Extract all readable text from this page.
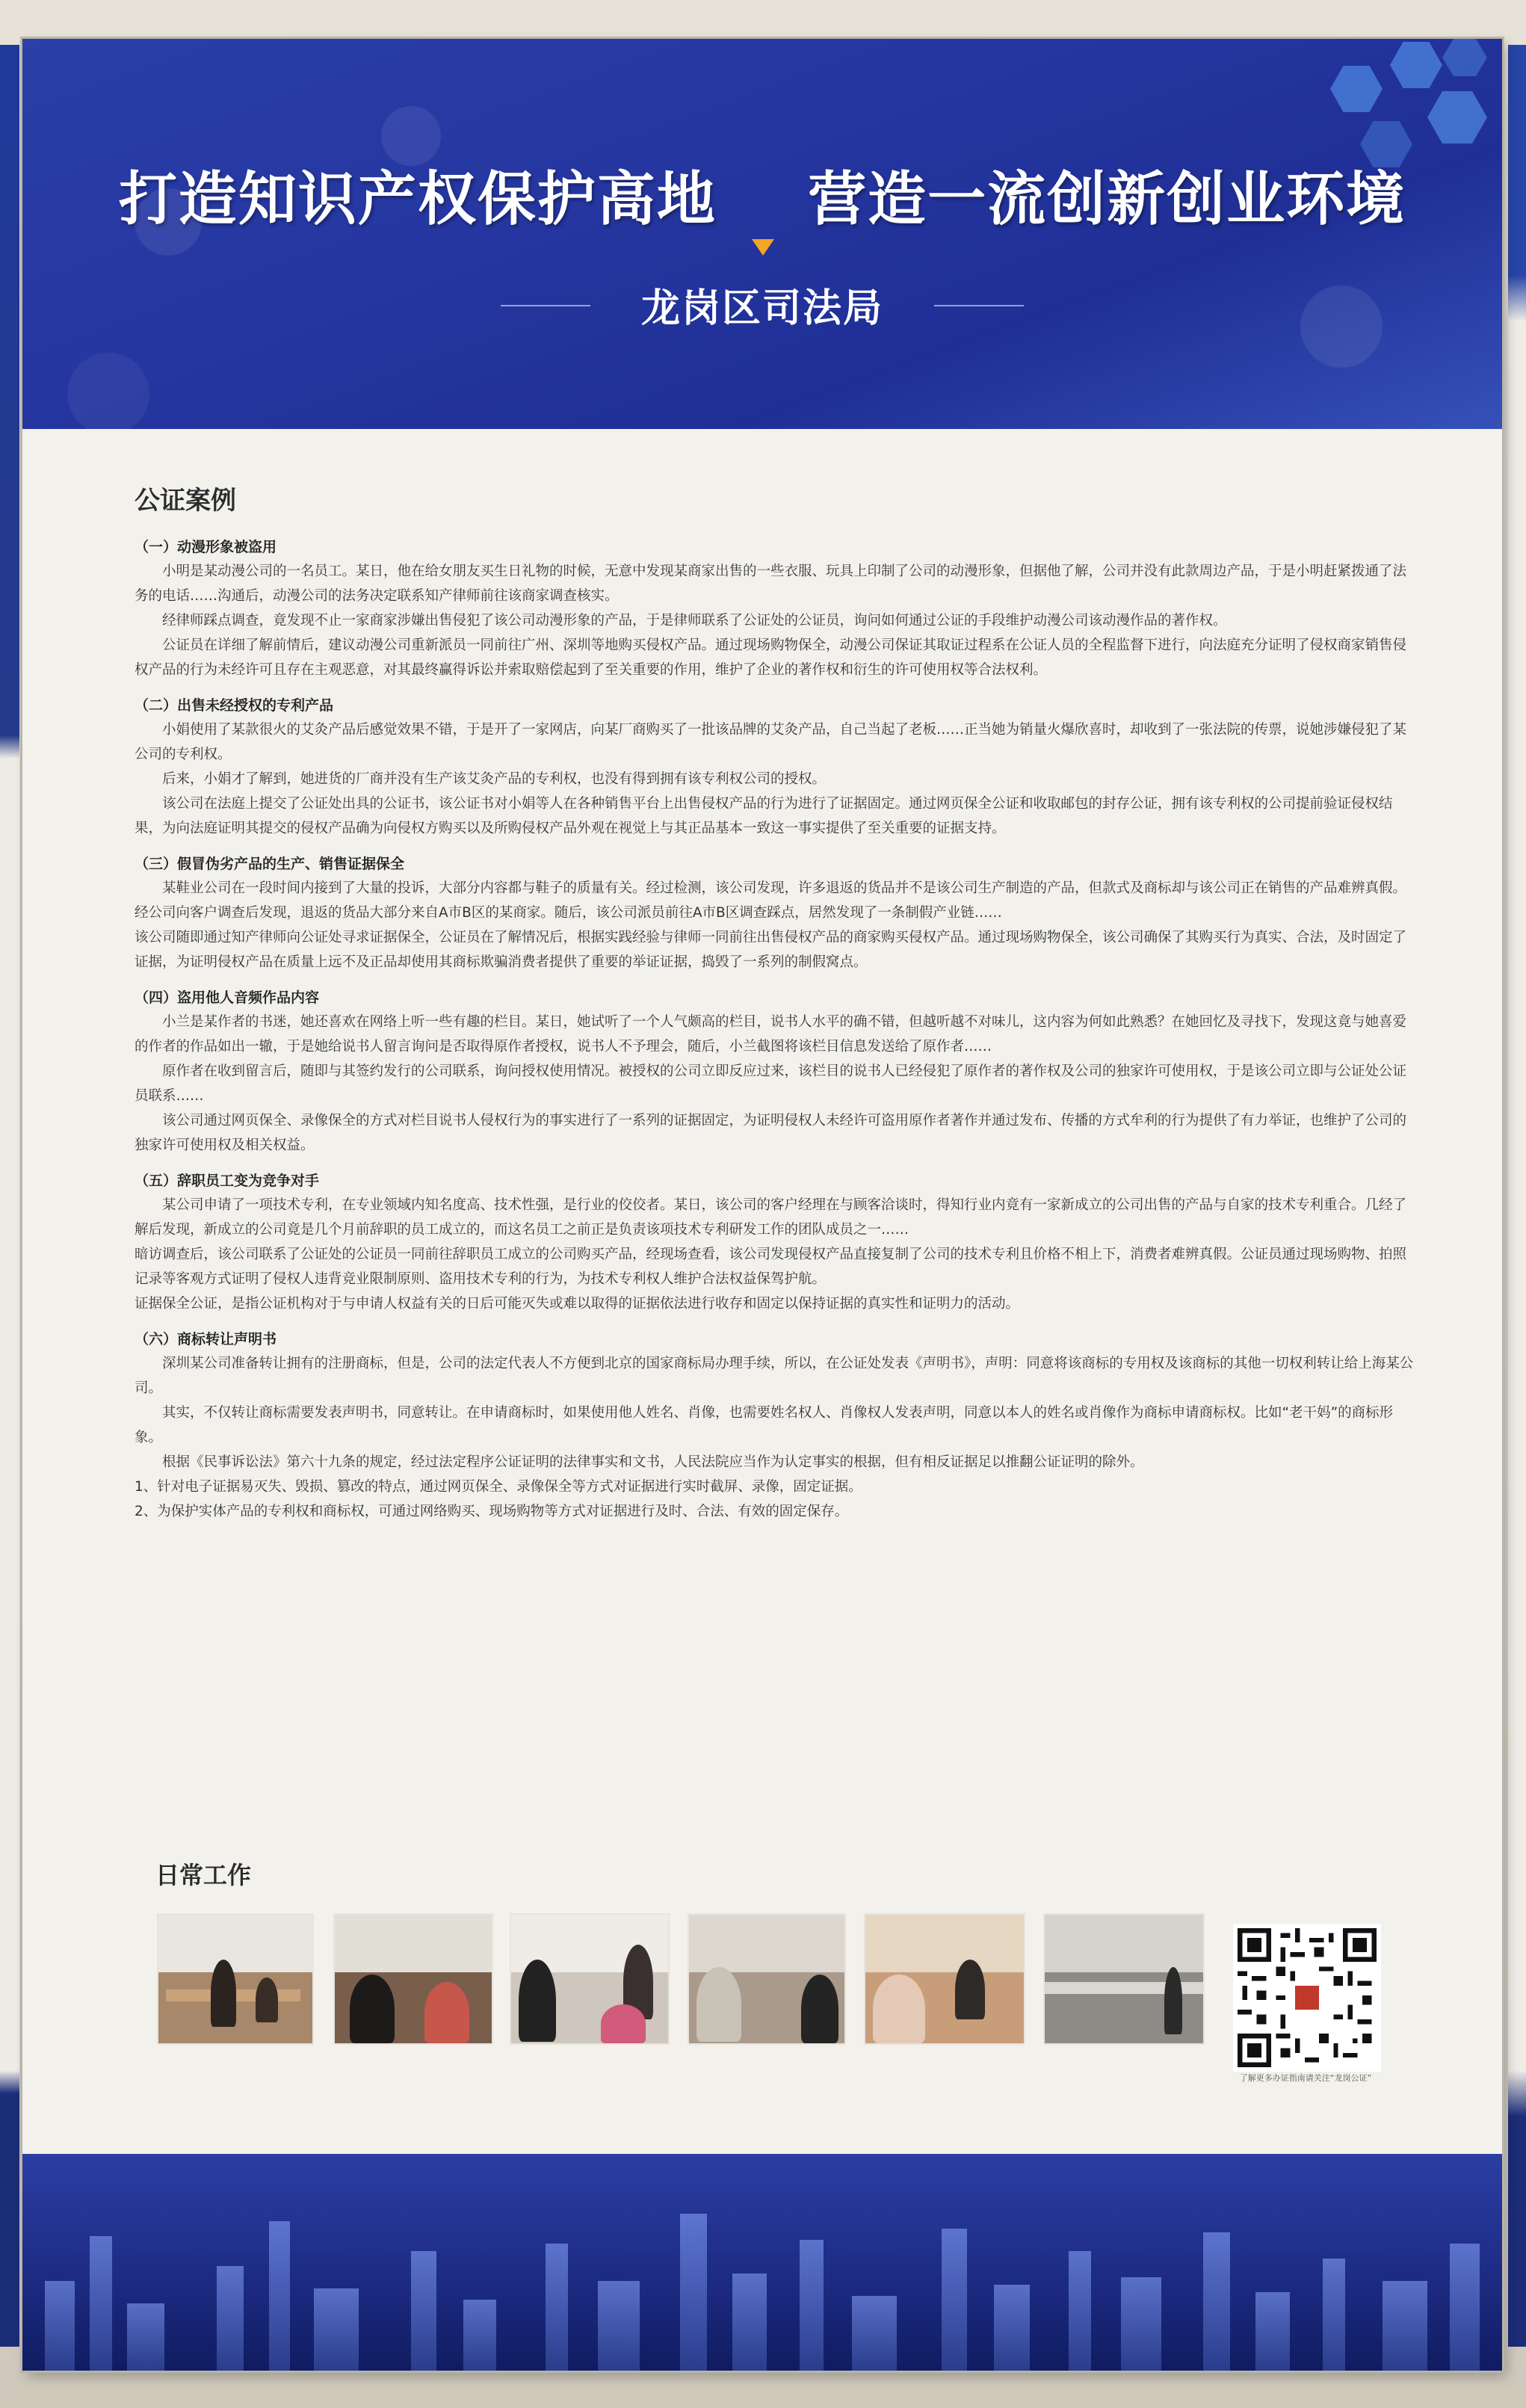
打造知识产权保护高地 营造一流创新创业环境
龙岗区司法局
公证案例
（一）动漫形象被盗用

小明是某动漫公司的一名员工。某日，他在给女朋友买生日礼物的时候，无意中发现某商家出售的一些衣服、玩具上印制了公司的动漫形象，但据他了解，公司并没有此款周边产品，于是小明赶紧拨通了法务的电话……沟通后，动漫公司的法务决定联系知产律师前往该商家调查核实。

经律师踩点调查，竟发现不止一家商家涉嫌出售侵犯了该公司动漫形象的产品，于是律师联系了公证处的公证员，询问如何通过公证的手段维护动漫公司该动漫作品的著作权。

公证员在详细了解前情后，建议动漫公司重新派员一同前往广州、深圳等地购买侵权产品。通过现场购物保全，动漫公司保证其取证过程系在公证人员的全程监督下进行，向法庭充分证明了侵权商家销售侵权产品的行为未经许可且存在主观恶意，对其最终赢得诉讼并索取赔偿起到了至关重要的作用，维护了企业的著作权和衍生的许可使用权等合法权利。

（二）出售未经授权的专利产品

小娟使用了某款很火的艾灸产品后感觉效果不错，于是开了一家网店，向某厂商购买了一批该品牌的艾灸产品，自己当起了老板……正当她为销量火爆欣喜时，却收到了一张法院的传票，说她涉嫌侵犯了某公司的专利权。

后来，小娟才了解到，她进货的厂商并没有生产该艾灸产品的专利权，也没有得到拥有该专利权公司的授权。

该公司在法庭上提交了公证处出具的公证书，该公证书对小娟等人在各种销售平台上出售侵权产品的行为进行了证据固定。通过网页保全公证和收取邮包的封存公证，拥有该专利权的公司提前验证侵权结果，为向法庭证明其提交的侵权产品确为向侵权方购买以及所购侵权产品外观在视觉上与其正品基本一致这一事实提供了至关重要的证据支持。

（三）假冒伪劣产品的生产、销售证据保全

某鞋业公司在一段时间内接到了大量的投诉，大部分内容都与鞋子的质量有关。经过检测，该公司发现，许多退返的货品并不是该公司生产制造的产品，但款式及商标却与该公司正在销售的产品难辨真假。

经公司向客户调查后发现，退返的货品大部分来自A市B区的某商家。随后，该公司派员前往A市B区调查踩点，居然发现了一条制假产业链……

该公司随即通过知产律师向公证处寻求证据保全，公证员在了解情况后，根据实践经验与律师一同前往出售侵权产品的商家购买侵权产品。通过现场购物保全，该公司确保了其购买行为真实、合法，及时固定了证据，为证明侵权产品在质量上远不及正品却使用其商标欺骗消费者提供了重要的举证证据，捣毁了一系列的制假窝点。

（四）盗用他人音频作品内容

小兰是某作者的书迷，她还喜欢在网络上听一些有趣的栏目。某日，她试听了一个人气颇高的栏目，说书人水平的确不错，但越听越不对味儿，这内容为何如此熟悉？在她回忆及寻找下，发现这竟与她喜爱的作者的作品如出一辙，于是她给说书人留言询问是否取得原作者授权，说书人不予理会，随后，小兰截图将该栏目信息发送给了原作者……

原作者在收到留言后，随即与其签约发行的公司联系，询问授权使用情况。被授权的公司立即反应过来，该栏目的说书人已经侵犯了原作者的著作权及公司的独家许可使用权，于是该公司立即与公证处公证员联系……

该公司通过网页保全、录像保全的方式对栏目说书人侵权行为的事实进行了一系列的证据固定，为证明侵权人未经许可盗用原作者著作并通过发布、传播的方式牟利的行为提供了有力举证，也维护了公司的独家许可使用权及相关权益。

（五）辞职员工变为竞争对手

某公司申请了一项技术专利，在专业领域内知名度高、技术性强，是行业的佼佼者。某日，该公司的客户经理在与顾客洽谈时，得知行业内竟有一家新成立的公司出售的产品与自家的技术专利重合。几经了解后发现，新成立的公司竟是几个月前辞职的员工成立的，而这名员工之前正是负责该项技术专利研发工作的团队成员之一……

暗访调查后，该公司联系了公证处的公证员一同前往辞职员工成立的公司购买产品，经现场查看，该公司发现侵权产品直接复制了公司的技术专利且价格不相上下，消费者难辨真假。公证员通过现场购物、拍照记录等客观方式证明了侵权人违背竞业限制原则、盗用技术专利的行为，为技术专利权人维护合法权益保驾护航。

证据保全公证，是指公证机构对于与申请人权益有关的日后可能灭失或难以取得的证据依法进行收存和固定以保持证据的真实性和证明力的活动。

（六）商标转让声明书

深圳某公司准备转让拥有的注册商标，但是，公司的法定代表人不方便到北京的国家商标局办理手续，所以，在公证处发表《声明书》，声明：同意将该商标的专用权及该商标的其他一切权利转让给上海某公司。

其实，不仅转让商标需要发表声明书，同意转让。在申请商标时，如果使用他人姓名、肖像，也需要姓名权人、肖像权人发表声明，同意以本人的姓名或肖像作为商标申请商标权。比如“老干妈”的商标形象。

根据《民事诉讼法》第六十九条的规定，经过法定程序公证证明的法律事实和文书，人民法院应当作为认定事实的根据，但有相反证据足以推翻公证证明的除外。

1、针对电子证据易灭失、毁损、篡改的特点，通过网页保全、录像保全等方式对证据进行实时截屏、录像，固定证据。

2、为保护实体产品的专利权和商标权，可通过网络购买、现场购物等方式对证据进行及时、合法、有效的固定保存。

日常工作
了解更多办证指南请关注“龙岗公证”
